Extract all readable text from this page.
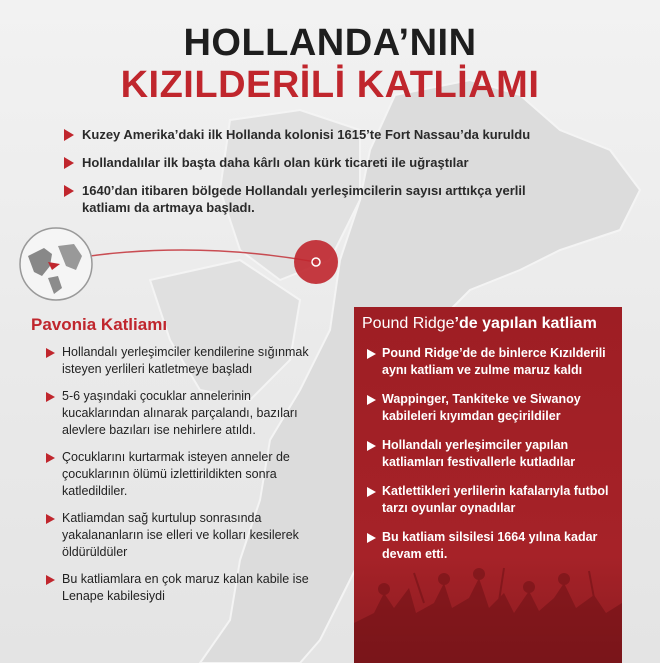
HOLLANDA’NIN
KIZILDERİLİ KATLİAMI
Kuzey Amerika’daki ilk Hollanda kolonisi 1615’te Fort Nassau’da kuruldu
Hollandalılar ilk başta daha kârlı olan kürk ticareti ile uğraştılar
1640’dan itibaren bölgede Hollandalı yerleşimcilerin sayısı arttıkça yerlil katliamı da artmaya başladı.
Pavonia Katliamı
Hollandalı yerleşimciler kendilerine sığınmak isteyen yerlileri katletmeye başladı
5-6 yaşındaki çocuklar annelerinin kucaklarından alınarak parçalandı, bazıları alevlere bazıları ise nehirlere atıldı.
Çocuklarını kurtarmak isteyen anneler de çocuklarının ölümü izlettirildikten sonra katledildiler.
Katliamdan sağ kurtulup sonrasında yakalananların ise elleri ve kolları kesilerek öldürüldüler
Bu katliamlara en çok maruz kalan kabile ise Lenape kabilesiydi
Pound Ridge’de yapılan katliam
Pound Ridge’de de binlerce Kızılderili aynı katliam ve zulme maruz kaldı
Wappinger, Tankiteke ve Siwanoy kabileleri kıyımdan geçirildiler
Hollandalı yerleşimciler yapılan katliamları festivallerle kutladılar
Katlettikleri yerlilerin kafalarıyla futbol tarzı oyunlar oynadılar
Bu katliam silsilesi 1664 yılına kadar devam etti.
